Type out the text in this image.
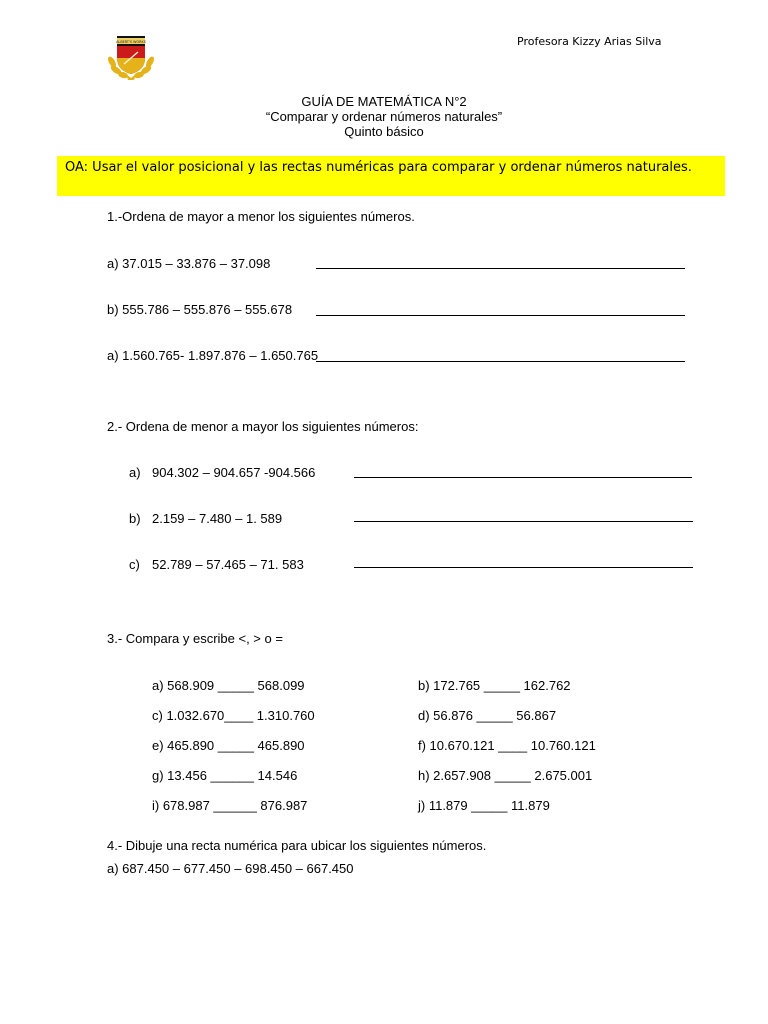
Profesora Kizzy Arias Silva
ALBERT'S WORKS
GUÍA DE MATEMÁTICA N°2
“Comparar y ordenar números naturales”
Quinto básico
OA: Usar el valor posicional y las rectas numéricas para comparar y ordenar números naturales.
1.-Ordena de mayor a menor los siguientes números.
a) 37.015 – 33.876 – 37.098
b) 555.786 – 555.876 – 555.678
a) 1.560.765- 1.897.876 – 1.650.765
2.- Ordena de menor a mayor los siguientes números:
a) 904.302 – 904.657 -904.566
b) 2.159 – 7.480 – 1. 589
c) 52.789 – 57.465 – 71. 583
3.- Compara y escribe <, > o =
a) 568.909 _____ 568.099
c) 1.032.670____ 1.310.760
e) 465.890 _____ 465.890
g) 13.456 ______ 14.546
i) 678.987 ______ 876.987
b) 172.765 _____ 162.762
d) 56.876 _____ 56.867
f) 10.670.121 ____ 10.760.121
h) 2.657.908 _____ 2.675.001
j) 11.879 _____ 11.879
4.- Dibuje una recta numérica para ubicar los siguientes números.
a) 687.450 – 677.450 – 698.450 – 667.450
